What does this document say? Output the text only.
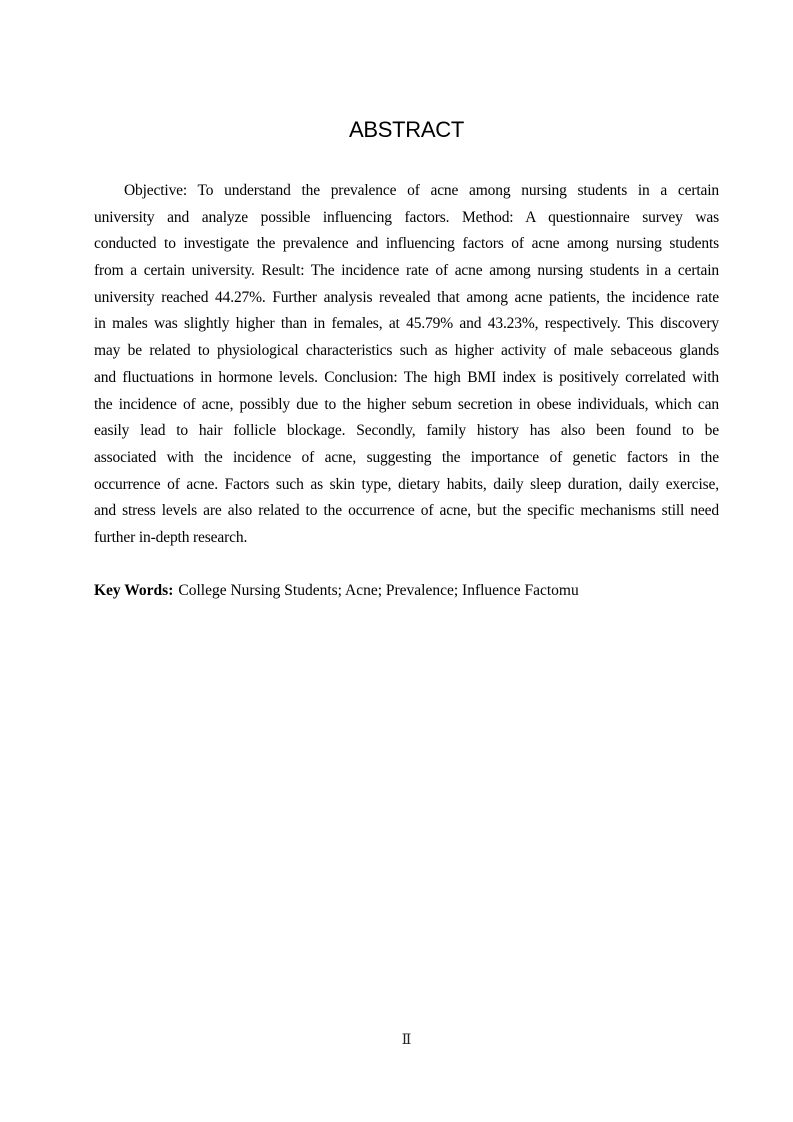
ABSTRACT
Objective: To understand the prevalence of acne among nursing students in a certain
university and analyze possible influencing factors. Method: A questionnaire survey was
conducted to investigate the prevalence and influencing factors of acne among nursing students
from a certain university. Result: The incidence rate of acne among nursing students in a certain
university reached 44.27%. Further analysis revealed that among acne patients, the incidence rate
in males was slightly higher than in females, at 45.79% and 43.23%, respectively. This discovery
may be related to physiological characteristics such as higher activity of male sebaceous glands
and fluctuations in hormone levels. Conclusion: The high BMI index is positively correlated with
the incidence of acne, possibly due to the higher sebum secretion in obese individuals, which can
easily lead to hair follicle blockage. Secondly, family history has also been found to be
associated with the incidence of acne, suggesting the importance of genetic factors in the
occurrence of acne. Factors such as skin type, dietary habits, daily sleep duration, daily exercise,
and stress levels are also related to the occurrence of acne, but the specific mechanisms still need
further in-depth research.
Key Words: College Nursing Students; Acne; Prevalence; Influence Factomu
Ⅱ
